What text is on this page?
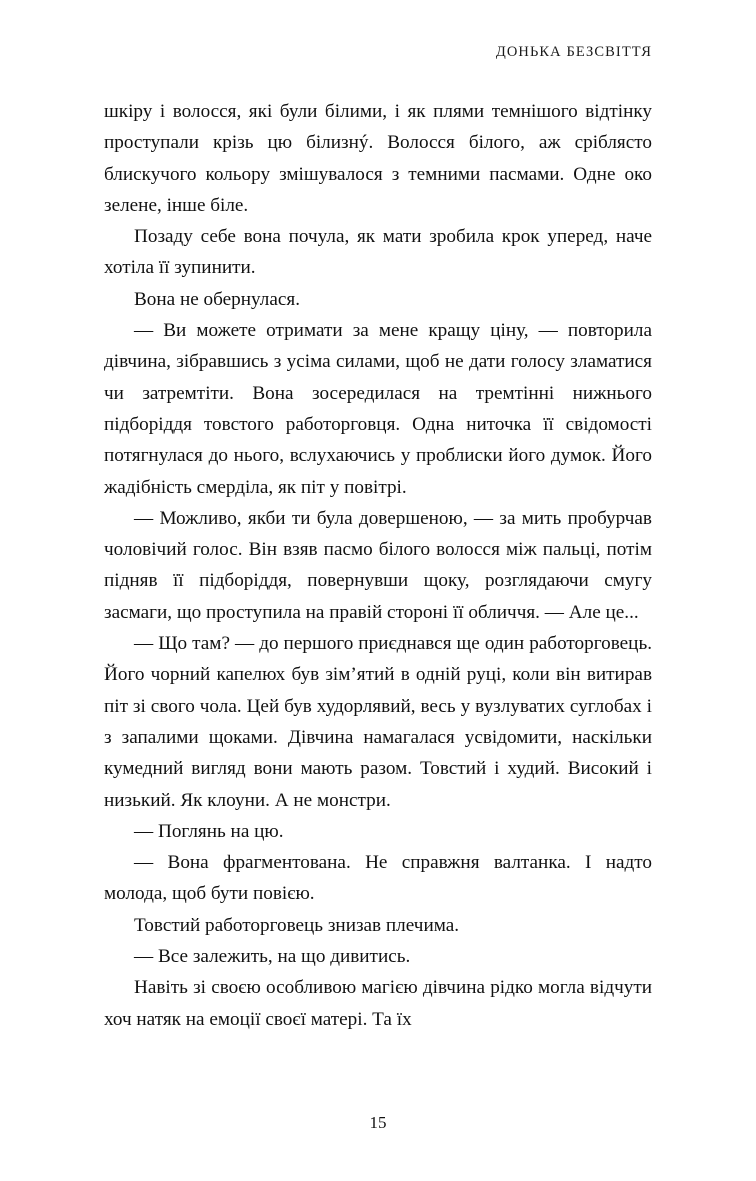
ДОНЬКА БЕЗСВІТТЯ

шкіру і волосся, які були білими, і як плями темнішого відтінку проступали крізь цю білизнý. Волосся білого, аж сріблясто блискучого кольору змішувалося з темними пасмами. Одне око зелене, інше біле.

Позаду себе вона почула, як мати зробила крок уперед, наче хотіла її зупинити.

Вона не обернулася.

— Ви можете отримати за мене кращу ціну, — повторила дівчина, зібравшись з усіма силами, щоб не дати голосу зламатися чи затремтіти. Вона зосередилася на тремтінні нижнього підборіддя товстого работорговця. Одна ниточка її свідомості потягнулася до нього, вслухаючись у проблиски його думок. Його жадібність смерділа, як піт у повітрі.

— Можливо, якби ти була довершеною, — за мить пробурчав чоловічий голос. Він взяв пасмо білого волосся між пальці, потім підняв її підборіддя, повернувши щоку, розглядаючи смугу засмаги, що проступила на правій стороні її обличчя. — Але це...

— Що там? — до першого приєднався ще один работорговець. Його чорний капелюх був зім’ятий в одній руці, коли він витирав піт зі свого чола. Цей був худорлявий, весь у вузлуватих суглобах і з запалими щоками. Дівчина намагалася усвідомити, наскільки кумедний вигляд вони мають разом. Товстий і худий. Високий і низький. Як клоуни. А не монстри.

— Поглянь на цю.

— Вона фрагментована. Не справжня валтанка. І надто молода, щоб бути повією.

Товстий работорговець знизав плечима.

— Все залежить, на що дивитись.

Навіть зі своєю особливою магією дівчина рідко могла відчути хоч натяк на емоції своєї матері. Та їх

15
